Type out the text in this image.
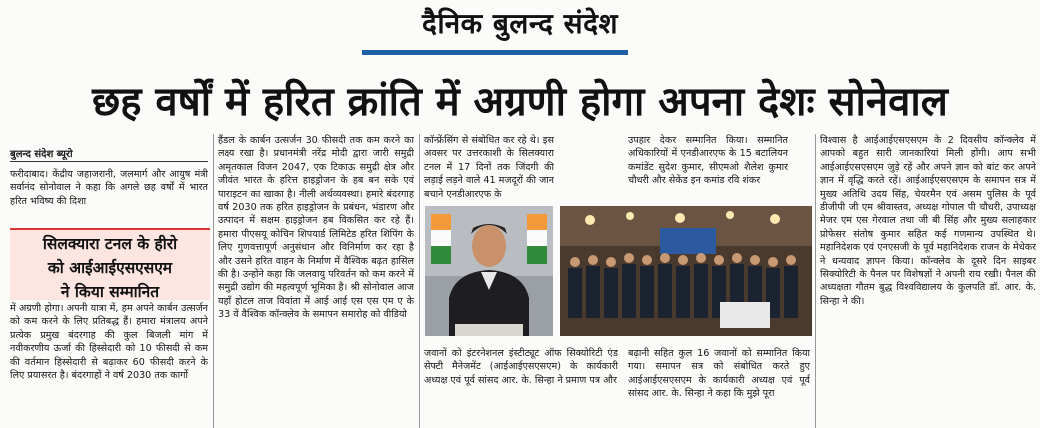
दैनिक बुलन्द संदेश
छह वर्षों में हरित क्रांति में अग्रणी होगा अपना देशः सोनेवाल
बुलन्द संदेश ब्यूरो

फरीदाबाद। केंद्रीय जहाजरानी, जलमार्ग और आयुष मंत्री सर्वानंद सोनोवाल ने कहा कि अगले छह वर्षों में भारत हरित भविष्य की दिशा

सिलक्यारा टनल के हीरो
को आईआईएसएसएम
ने किया सम्मानित

में अग्रणी होगा। अपनी यात्रा में, हम अपने कार्बन उत्सर्जन को कम करने के लिए प्रतिबद्ध हैं। हमारा मंत्रालय अपने प्रत्येक प्रमुख बंदरगाह की कुल बिजली मांग में नवीकरणीय ऊर्जा की हिस्सेदारी को 10 फीसदी से कम की वर्तमान हिस्सेदारी से बढ़ाकर 60 फीसदी करने के लिए प्रयासरत है। बंदरगाहों ने वर्ष 2030 तक कार्गो

हैंडल के कार्बन उत्सर्जन 30 फीसदी तक कम करने का लक्ष्य रखा है। प्रधानमंत्री नरेंद्र मोदी द्वारा जारी समुद्री अमृतकाल विजन 2047, एक टिकाऊ समुद्री क्षेत्र और जीवंत भारत के हरित्त हाइड्रोजन के हब बन सके एवं पाराइटन का खाका है। नीली अर्थव्यवस्था। हमारे बंदरगाह वर्ष 2030 तक हरित हाइड्रोजन के प्रबंधन, भंडारण और उत्पादन में सक्षम हाइड्रोजन हब विकसित कर रहे हैं। हमारा पीएसयू कोचिन शिपयार्ड लिमिटेड हरित शिपिंग के लिए गुणवत्तापूर्ण अनुसंधान और विनिर्माण कर रहा है और उसने हरित वाहन के निर्माण में वैश्विक बढ़त हासिल की है। उन्होंने कहा कि जलवायु परिवर्तन को कम करने में समुद्री उद्योग की महत्वपूर्ण भूमिका है। श्री सोनोवाल आज यहाँ होटल ताज विवांता में आई आई एस एस एम ए के 33 वें वैश्विक कॉन्क्लेव के समापन समारोह को वीडियो

कॉन्फ्रेंसिंग से संबोधित कर रहे थे। इस अवसर पर उत्तरकाशी के सिलक्यारा टनल में 17 दिनों तक जिंदगी की लड़ाई लड़ने वाले 41 मजदूरों की जान बचाने एनडीआरएफ के

उपहार देकर सम्मानित किया। सम्मानित अधिकारियों में एनडीआरएफ के 15 बटालियन कमांडेंट सुदेश कुमार, सीएमओ शैलेश कुमार चौधरी और सेकेंड इन कमांड रवि शंकर

जवानों को इंटरनेशनल इंस्टीट्यूट ऑफ सिक्योरिटी एंड सेफ्टी मैनेजमेंट (आईआईएसएसएम) के कार्यकारी अध्यक्ष एवं पूर्व सांसद आर. के. सिन्हा ने प्रमाण पत्र और

बढ़ानी सहित कुल 16 जवानों को सम्मानित किया गया। समापन सत्र को संबोधित करते हुए आईआईएसएसएम के कार्यकारी अध्यक्ष एवं पूर्व सांसद आर. के. सिन्हा ने कहा कि मुझे पूरा

विश्वास है आईआईएसएसएम के 2 दिवसीय कॉन्क्लेव में आपको बहुत सारी जानकारियां मिली होंगी। आप सभी आईआईएसएसएम जुड़े रहें और अपने ज्ञान को बांट कर अपने ज्ञान में वृद्धि करते रहें। आईआईएसएसएम के समापन सत्र में मुख्य अतिथि उदय सिंह, चेयरमैन एवं असम पुलिस के पूर्व डीजीपी जी एम श्रीवास्तव, अध्यक्ष गोपाल पी चौधरी, उपाध्यक्ष मेजर एम एस गेरवाल तथा जी बी सिंह और मुख्य सलाहकार प्रोफेसर संतोष कुमार सहित कई गणमान्य उपस्थित थे। महानिदेशक एवं एनएसजी के पूर्व महानिदेशक राजन के मेधेकर ने धन्यवाद ज्ञापन किया। कॉन्क्लेव के दूसरे दिन साइबर सिक्योरिटी के पैनल पर विशेषज्ञों ने अपनी राय रखी। पैनल की अध्यक्षता गौतम बुद्ध विश्वविद्यालय के कुलपति डॉ. आर. के. सिन्हा ने की।
